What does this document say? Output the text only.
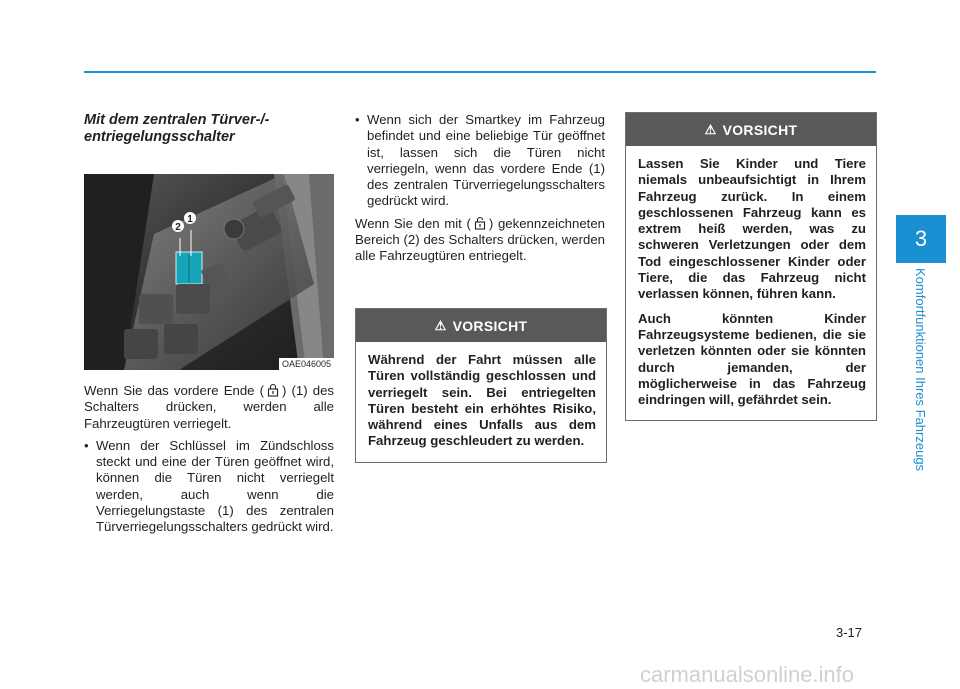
Mit dem zentralen Türver-/-entriegelungsschalter
2
1
OAE046005

Wenn Sie das vordere Ende ( ) (1) des Schalters drücken, werden alle Fahrzeugtüren verriegelt.

• Wenn der Schlüssel im Zündschloss steckt und eine der Türen geöffnet wird, können die Türen nicht verriegelt werden, auch wenn die Verriegelungstaste (1) des zentralen Türverriegelungsschalters gedrückt wird.
• Wenn sich der Smartkey im Fahrzeug befindet und eine beliebige Tür geöffnet ist, lassen sich die Türen nicht verriegeln, wenn das vordere Ende (1) des zentralen Türverriegelungsschalters gedrückt wird.

Wenn Sie den mit ( ) gekennzeichneten Bereich (2) des Schalters drücken, werden alle Fahrzeugtüren entriegelt.

⚠ VORSICHT

Während der Fahrt müssen alle Türen vollständig geschlossen und verriegelt sein. Bei entriegelten Türen besteht ein erhöhtes Risiko, während eines Unfalls aus dem Fahrzeug geschleudert zu werden.

⚠ VORSICHT

Lassen Sie Kinder und Tiere niemals unbeaufsichtigt in Ihrem Fahrzeug zurück. In einem geschlossenen Fahrzeug kann es extrem heiß werden, was zu schweren Verletzungen oder dem Tod eingeschlossener Kinder oder Tiere, die das Fahrzeug nicht verlassen können, führen kann.

Auch könnten Kinder Fahrzeugsysteme bedienen, die sie verletzen könnten oder sie könnten durch jemanden, der möglicherweise in das Fahrzeug eindringen will, gefährdet sein.

3
Komfortfunktionen Ihres Fahrzeugs
3-17
carmanualsonline.info
